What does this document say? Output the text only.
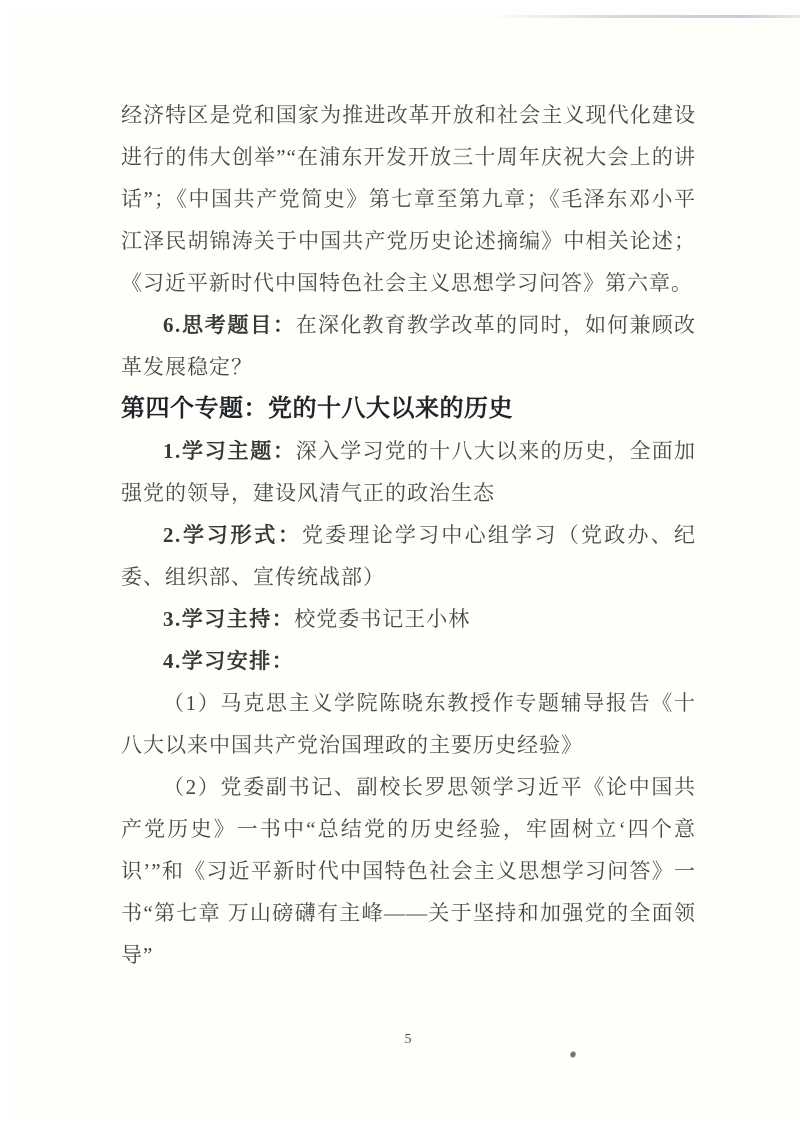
经济特区是党和国家为推进改革开放和社会主义现代化建设进行的伟大创举”“在浦东开发开放三十周年庆祝大会上的讲话”；《中国共产党简史》第七章至第九章；《毛泽东邓小平江泽民胡锦涛关于中国共产党历史论述摘编》中相关论述；《习近平新时代中国特色社会主义思想学习问答》第六章。

6.思考题目：在深化教育教学改革的同时，如何兼顾改革发展稳定？

第四个专题：党的十八大以来的历史

1.学习主题：深入学习党的十八大以来的历史，全面加强党的领导，建设风清气正的政治生态

2.学习形式：党委理论学习中心组学习（党政办、纪委、组织部、宣传统战部）

3.学习主持：校党委书记王小林

4.学习安排：

（1）马克思主义学院陈晓东教授作专题辅导报告《十八大以来中国共产党治国理政的主要历史经验》

（2）党委副书记、副校长罗思领学习近平《论中国共产党历史》一书中“总结党的历史经验，牢固树立‘四个意识’”和《习近平新时代中国特色社会主义思想学习问答》一书“第七章 万山磅礴有主峰——关于坚持和加强党的全面领导”

5
